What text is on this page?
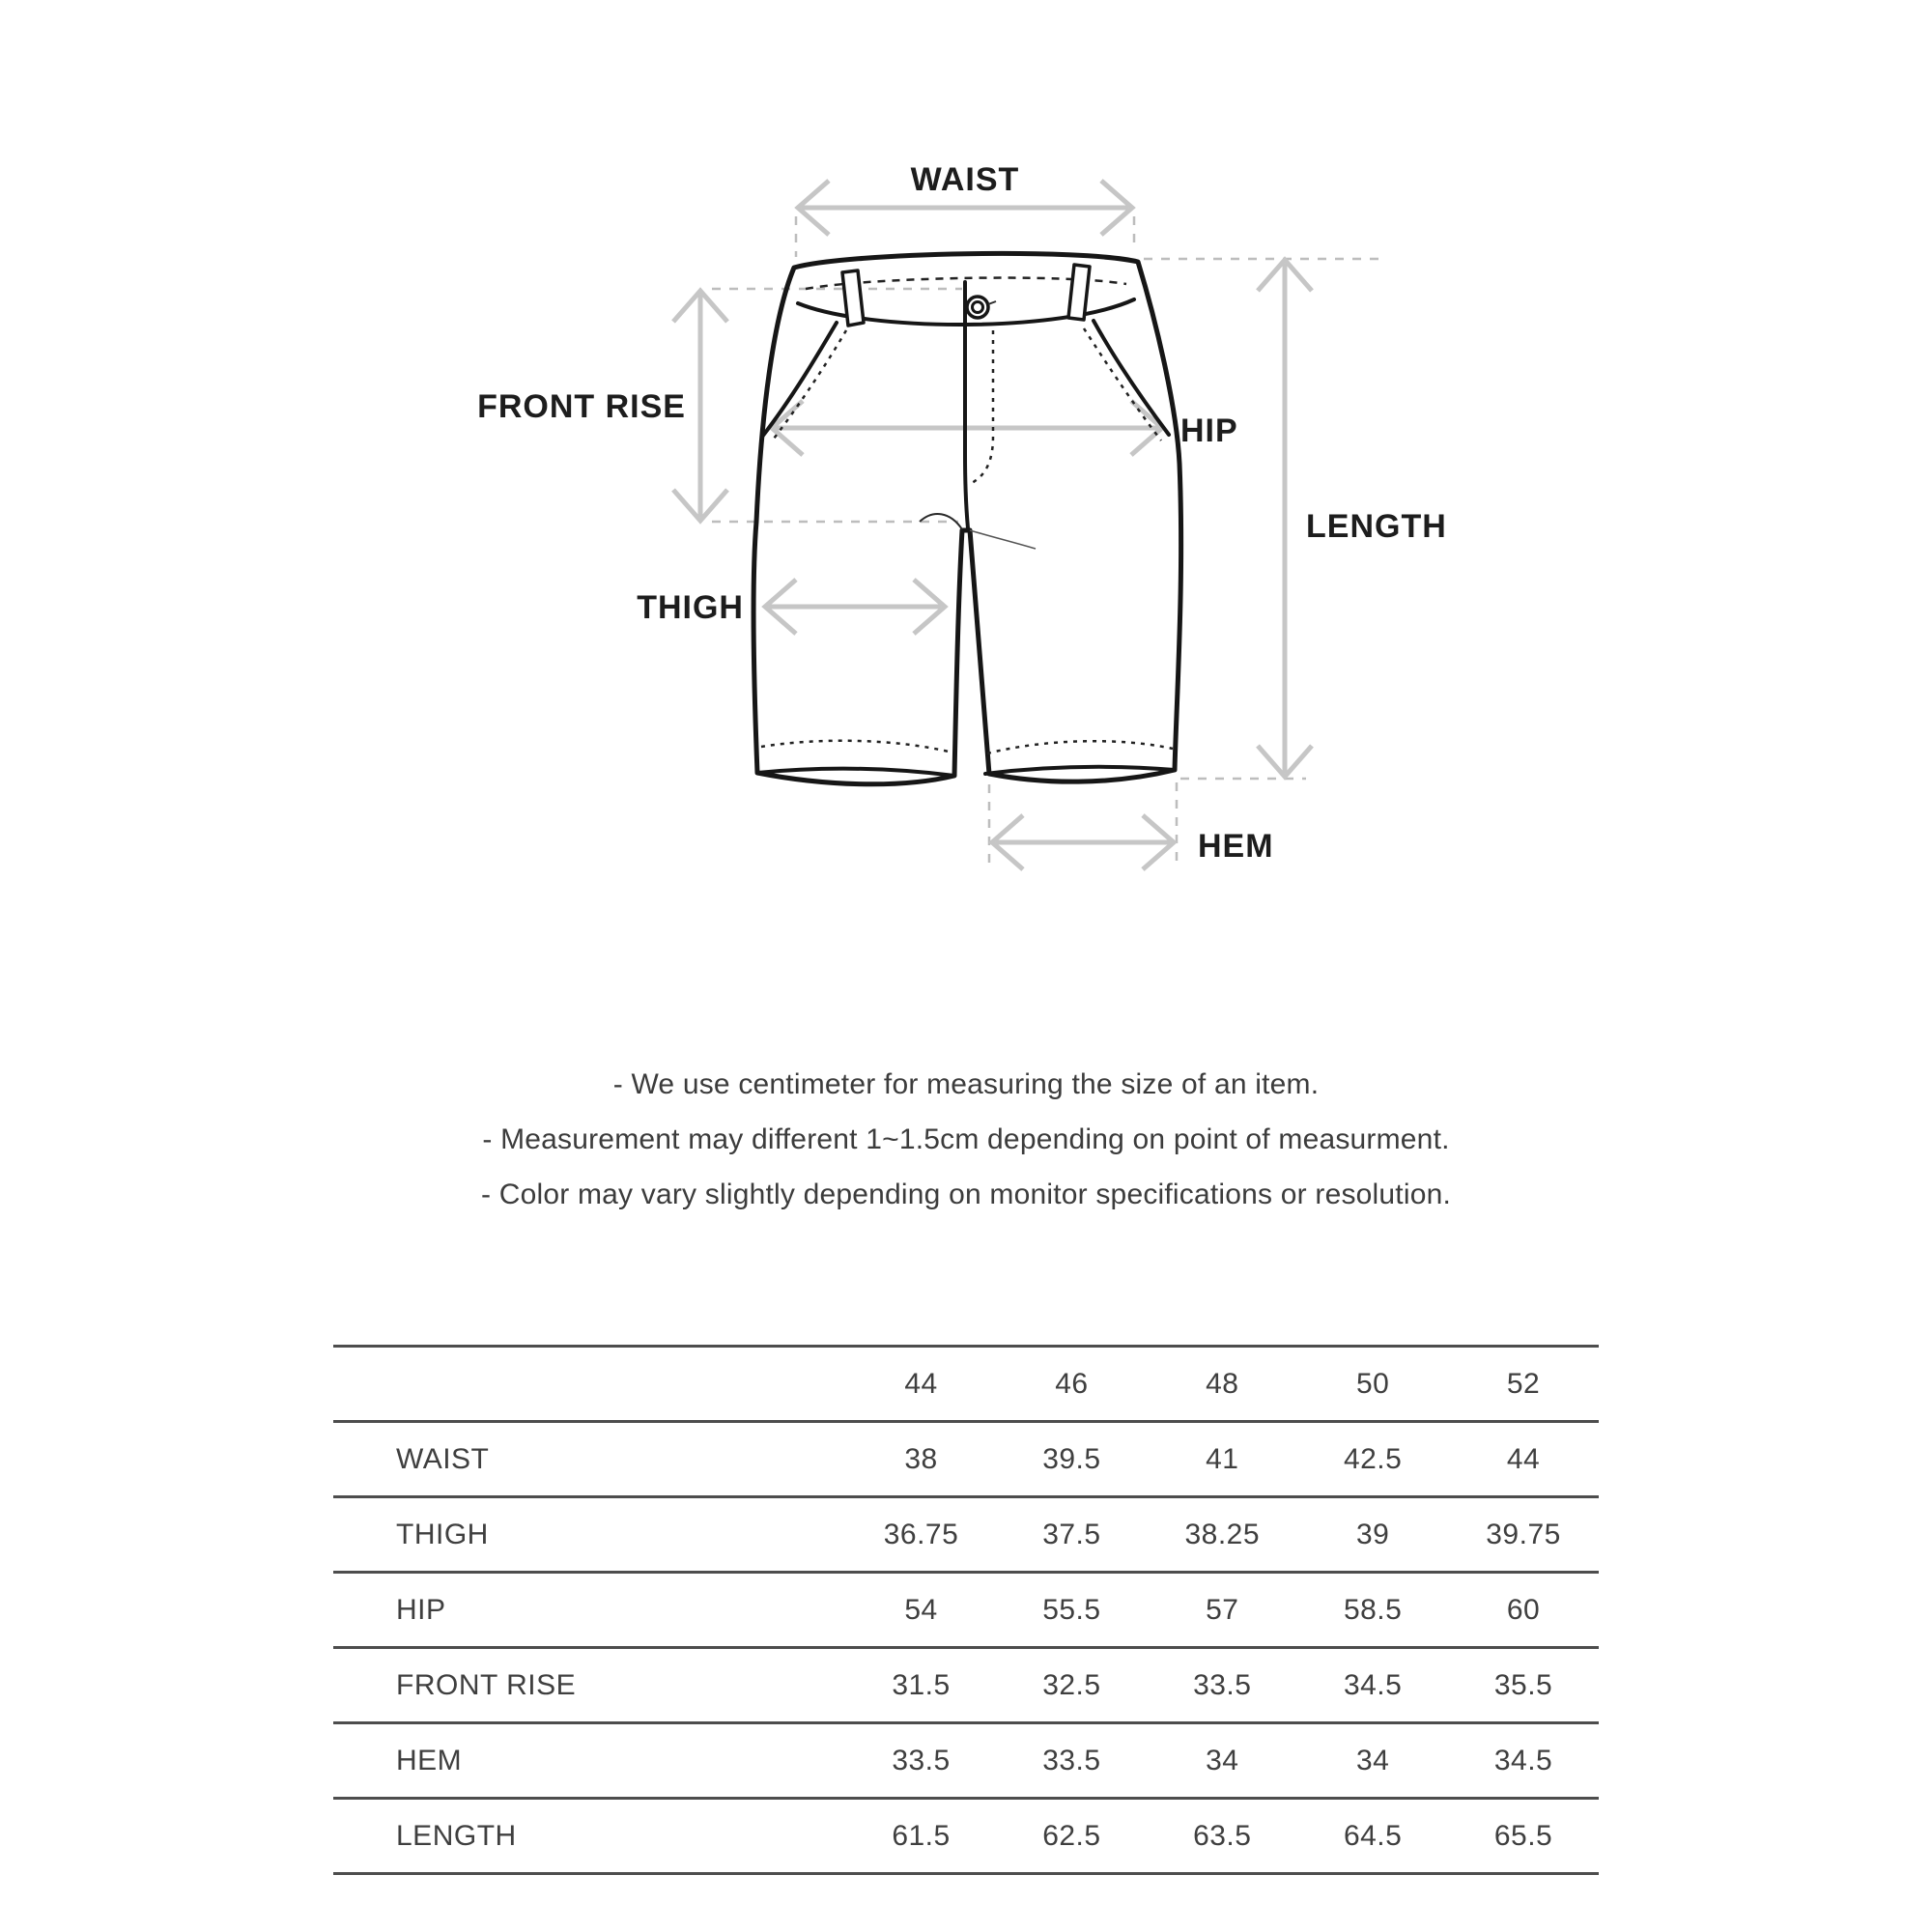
WAIST
FRONT RISE
HIP
THIGH
LENGTH
HEM

- We use centimeter for measuring the size of an item.

- Measurement may different 1~1.5cm depending on point of measurment.

- Color may vary slightly depending on monitor specifications or resolution.

	44	46	48	50	52
WAIST	38	39.5	41	42.5	44
THIGH	36.75	37.5	38.25	39	39.75
HIP	54	55.5	57	58.5	60
FRONT RISE	31.5	32.5	33.5	34.5	35.5
HEM	33.5	33.5	34	34	34.5
LENGTH	61.5	62.5	63.5	64.5	65.5
